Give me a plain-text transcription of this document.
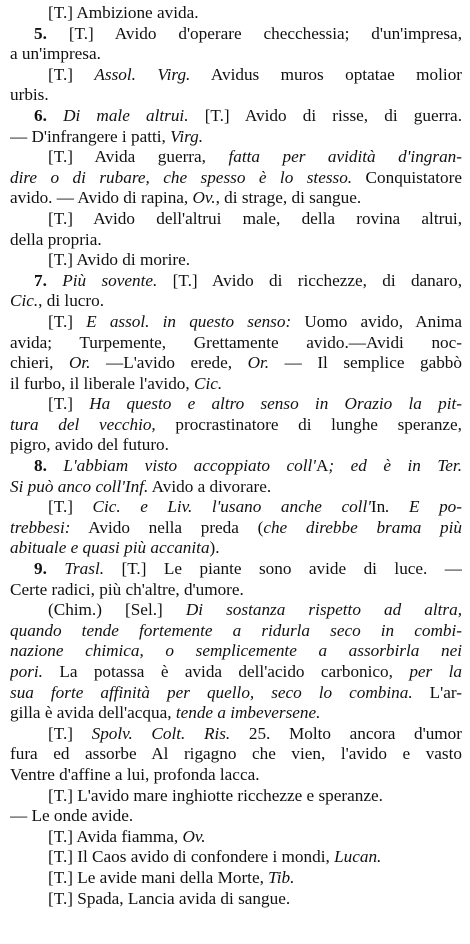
[T.] Ambizione avida.
5. [T.] Avido d'operare checchessia; d'un'impresa,
a un'impresa.
[T.] Assol. Virg. Avidus muros optatae molior
urbis.
6. Di male altrui. [T.] Avido di risse, di guerra.
— D'infrangere i patti, Virg.
[T.] Avida guerra, fatta per avidità d'ingran-
dire o di rubare, che spesso è lo stesso. Conquistatore
avido. — Avido di rapina, Ov., di strage, di sangue.
[T.] Avido dell'altrui male, della rovina altrui,
della propria.
[T.] Avido di morire.
7. Più sovente. [T.] Avido di ricchezze, di danaro,
Cic., di lucro.
[T.] E assol. in questo senso: Uomo avido, Anima
avida; Turpemente, Grettamente avido.—Avidi noc-
chieri, Or. —L'avido erede, Or. — Il semplice gabbò
il furbo, il liberale l'avido, Cic.
[T.] Ha questo e altro senso in Orazio la pit-
tura del vecchio, procrastinatore di lunghe speranze,
pigro, avido del futuro.
8. L'abbiam visto accoppiato coll'A; ed è in Ter.
Si può anco coll'Inf. Avido a divorare.
[T.] Cic. e Liv. l'usano anche coll'In. E po-
trebbesi: Avido nella preda (che direbbe brama più
abituale e quasi più accanita).
9. Trasl. [T.] Le piante sono avide di luce. —
Certe radici, più ch'altre, d'umore.
(Chim.) [Sel.] Di sostanza rispetto ad altra,
quando tende fortemente a ridurla seco in combi-
nazione chimica, o semplicemente a assorbirla nei
pori. La potassa è avida dell'acido carbonico, per la
sua forte affinità per quello, seco lo combina. L'ar-
gilla è avida dell'acqua, tende a imbeversene.
[T.] Spolv. Colt. Ris. 25. Molto ancora d'umor
fura ed assorbe Al rigagno che vien, l'avido e vasto
Ventre d'affine a lui, profonda lacca.
[T.] L'avido mare inghiotte ricchezze e speranze.
— Le onde avide.
[T.] Avida fiamma, Ov.
[T.] Il Caos avido di confondere i mondi, Lucan.
[T.] Le avide mani della Morte, Tib.
[T.] Spada, Lancia avida di sangue.
